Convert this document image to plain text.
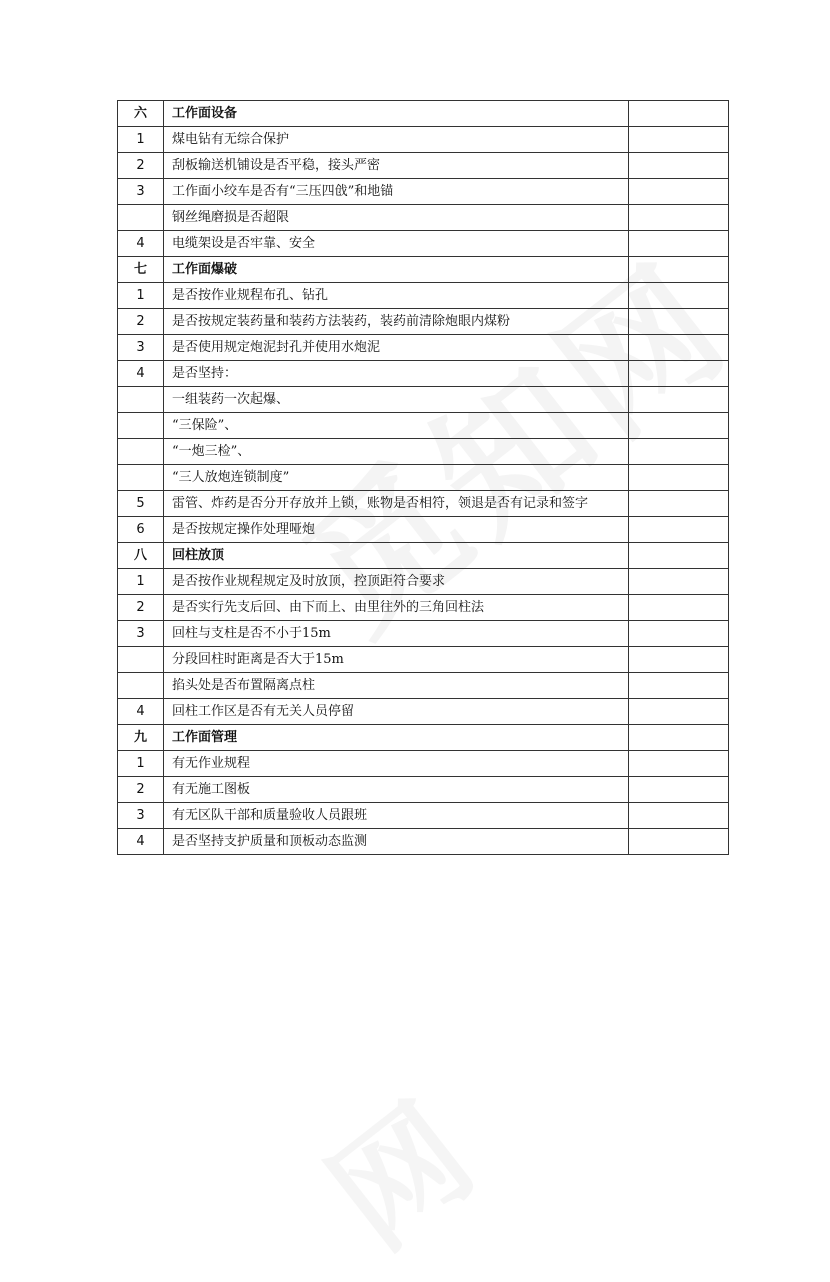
六	工作面设备	
1	煤电钻有无综合保护	
2	刮板输送机铺设是否平稳，接头严密	
3	工作面小绞车是否有“三压四戗”和地锚	
	钢丝绳磨损是否超限	
4	电缆架设是否牢靠、安全	
七	工作面爆破	
1	是否按作业规程布孔、钻孔	
2	是否按规定装药量和装药方法装药，装药前清除炮眼内煤粉	
3	是否使用规定炮泥封孔并使用水炮泥	
4	是否坚持：	
	一组装药一次起爆、	
	“三保险”、	
	“一炮三检”、	
	“三人放炮连锁制度”	
5	雷管、炸药是否分开存放并上锁，账物是否相符，领退是否有记录和签字	
6	是否按规定操作处理哑炮	
八	回柱放顶	
1	是否按作业规程规定及时放顶，控顶距符合要求	
2	是否实行先支后回、由下而上、由里往外的三角回柱法	
3	回柱与支柱是否不小于15m	
	分段回柱时距离是否大于15m	
	掐头处是否布置隔离点柱	
4	回柱工作区是否有无关人员停留	
九	工作面管理	
1	有无作业规程	
2	有无施工图板	
3	有无区队干部和质量验收人员跟班	
4	是否坚持支护质量和顶板动态监测	
